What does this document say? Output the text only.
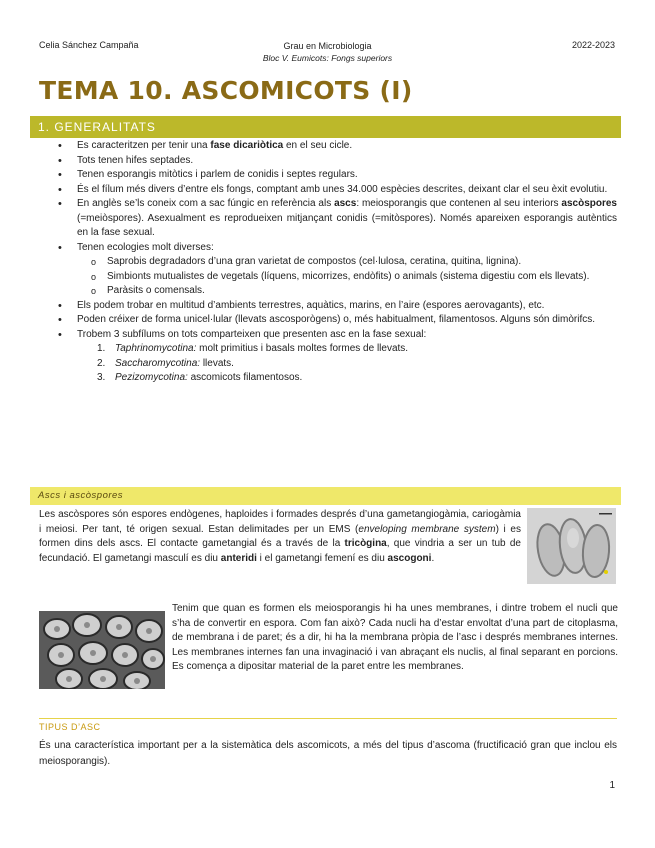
Celia Sánchez Campaña	Grau en Microbiologia
Bloc V. Eumicots: Fongs superiors
2022-2023
TEMA 10. ASCOMICOTS (I)
1. GENERALITATS
• Es caracteritzen per tenir una fase dicariòtica en el seu cicle.
• Tots tenen hifes septades.
• Tenen esporangis mitòtics i parlem de conidis i septes regulars.
• És el fílum més divers d’entre els fongs, comptant amb unes 34.000 espècies descrites, deixant clar el seu èxit evolutiu.
• En anglès se’ls coneix com a sac fúngic en referència als ascs: meiosporangis que contenen al seu interiors ascòspores (=meiòspores). Asexualment es reprodueixen mitjançant conidis (=mitòspores). Només apareixen esporangis autèntics en la fase sexual.
• Tenen ecologies molt diverses:
o Saprobis degradadors d’una gran varietat de compostos (cel·lulosa, ceratina, quitina, lignina).
o Simbionts mutualistes de vegetals (líquens, micorrizes, endòfits) o animals (sistema digestiu com els llevats).
o Paràsits o comensals.
• Els podem trobar en multitud d’ambients terrestres, aquàtics, marins, en l’aire (espores aerovagants), etc.
• Poden créixer de forma unicel·lular (llevats ascosporògens) o, més habitualment, filamentosos. Alguns són dimòrifcs.
• Trobem 3 subfílums on tots comparteixen que presenten asc en la fase sexual:
1. Taphrinomycotina: molt primitius i basals moltes formes de llevats.
2. Saccharomycotina: llevats.
3. Pezizomycotina: ascomicots filamentosos.
Ascs i ascòspores
Les ascòspores són espores endògenes, haploides i formades després d’una gametangiogàmia, cariogàmia i meiosi. Per tant, té origen sexual. Estan delimitades per un EMS (enveloping membrane system) i es formen dins dels ascs. El contacte gametangial és a través de la tricògina, que vindria a ser un tub de fecundació. El gametangi masculí es diu anteridi i el gametangi femení es diu ascogoni.
Tenim que quan es formen els meiosporangis hi ha unes membranes, i dintre trobem el nucli que s’ha de convertir en espora. Com fan això? Cada nucli ha d’estar envoltat d’una part de citoplasma, de membrana i de paret; és a dir, hi ha la membrana pròpia de l’asc i després membranes internes. Les membranes internes fan una invaginació i van abraçant els nuclis, al final separant en porcions. Es comença a dipositar material de la paret entre les membranes.
TIPUS D’ASC
És una característica important per a la sistemàtica dels ascomicots, a més del tipus d’ascoma (fructificació gran que inclou els meiosporangis).
1
